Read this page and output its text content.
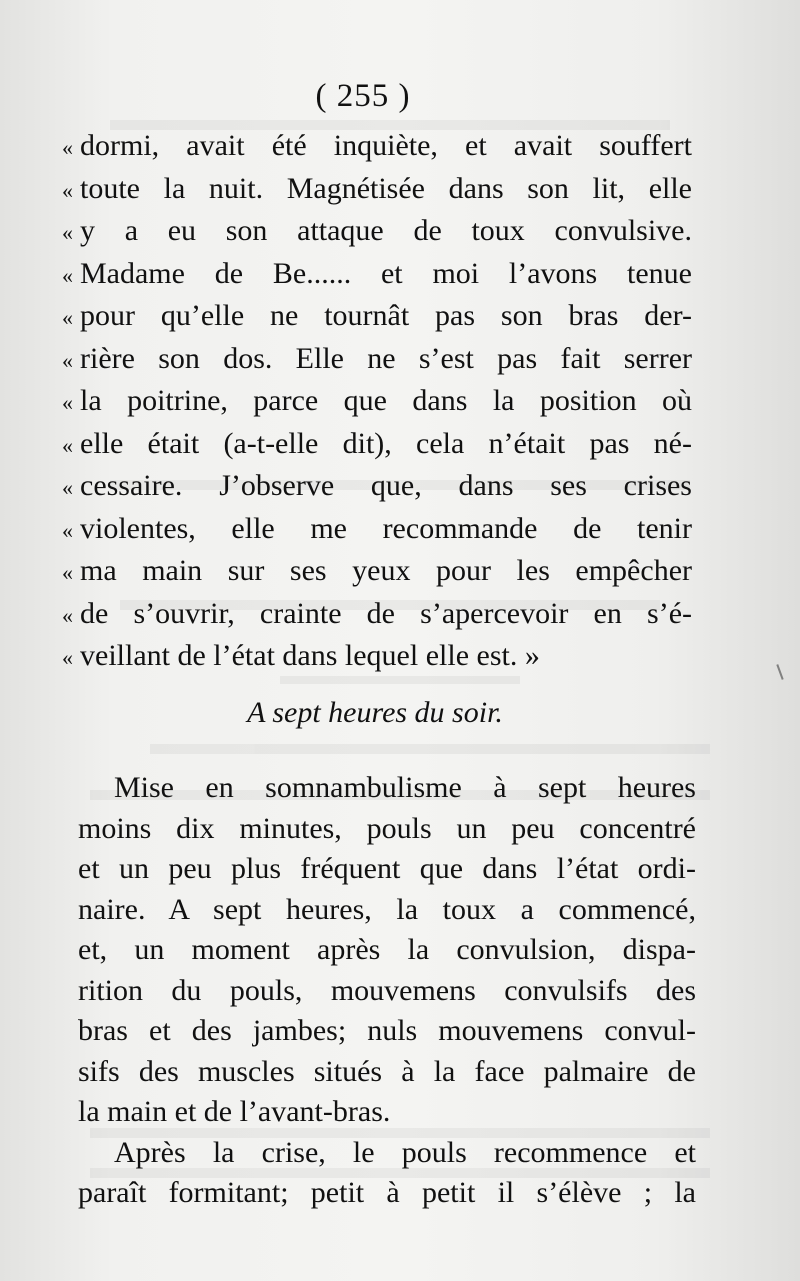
( 255 )
« dormi, avait été inquiète, et avait souffert
« toute la nuit. Magnétisée dans son lit, elle
« y a eu son attaque de toux convulsive.
« Madame de Be...... et moi l’avons tenue
« pour qu’elle ne tournât pas son bras der-
« rière son dos. Elle ne s’est pas fait serrer
« la poitrine, parce que dans la position où
« elle était (a-t-elle dit), cela n’était pas né-
« cessaire. J’observe que, dans ses crises
« violentes, elle me recommande de tenir
« ma main sur ses yeux pour les empêcher
« de s’ouvrir, crainte de s’apercevoir en s’é-
« veillant de l’état dans lequel elle est. »
A sept heures du soir.
Mise en somnambulisme à sept heures
moins dix minutes, pouls un peu concentré
et un peu plus fréquent que dans l’état ordi-
naire. A sept heures, la toux a commencé,
et, un moment après la convulsion, dispa-
rition du pouls, mouvemens convulsifs des
bras et des jambes; nuls mouvemens convul-
sifs des muscles situés à la face palmaire de
la main et de l’avant-bras.
Après la crise, le pouls recommence et
paraît formitant; petit à petit il s’élève ; la
